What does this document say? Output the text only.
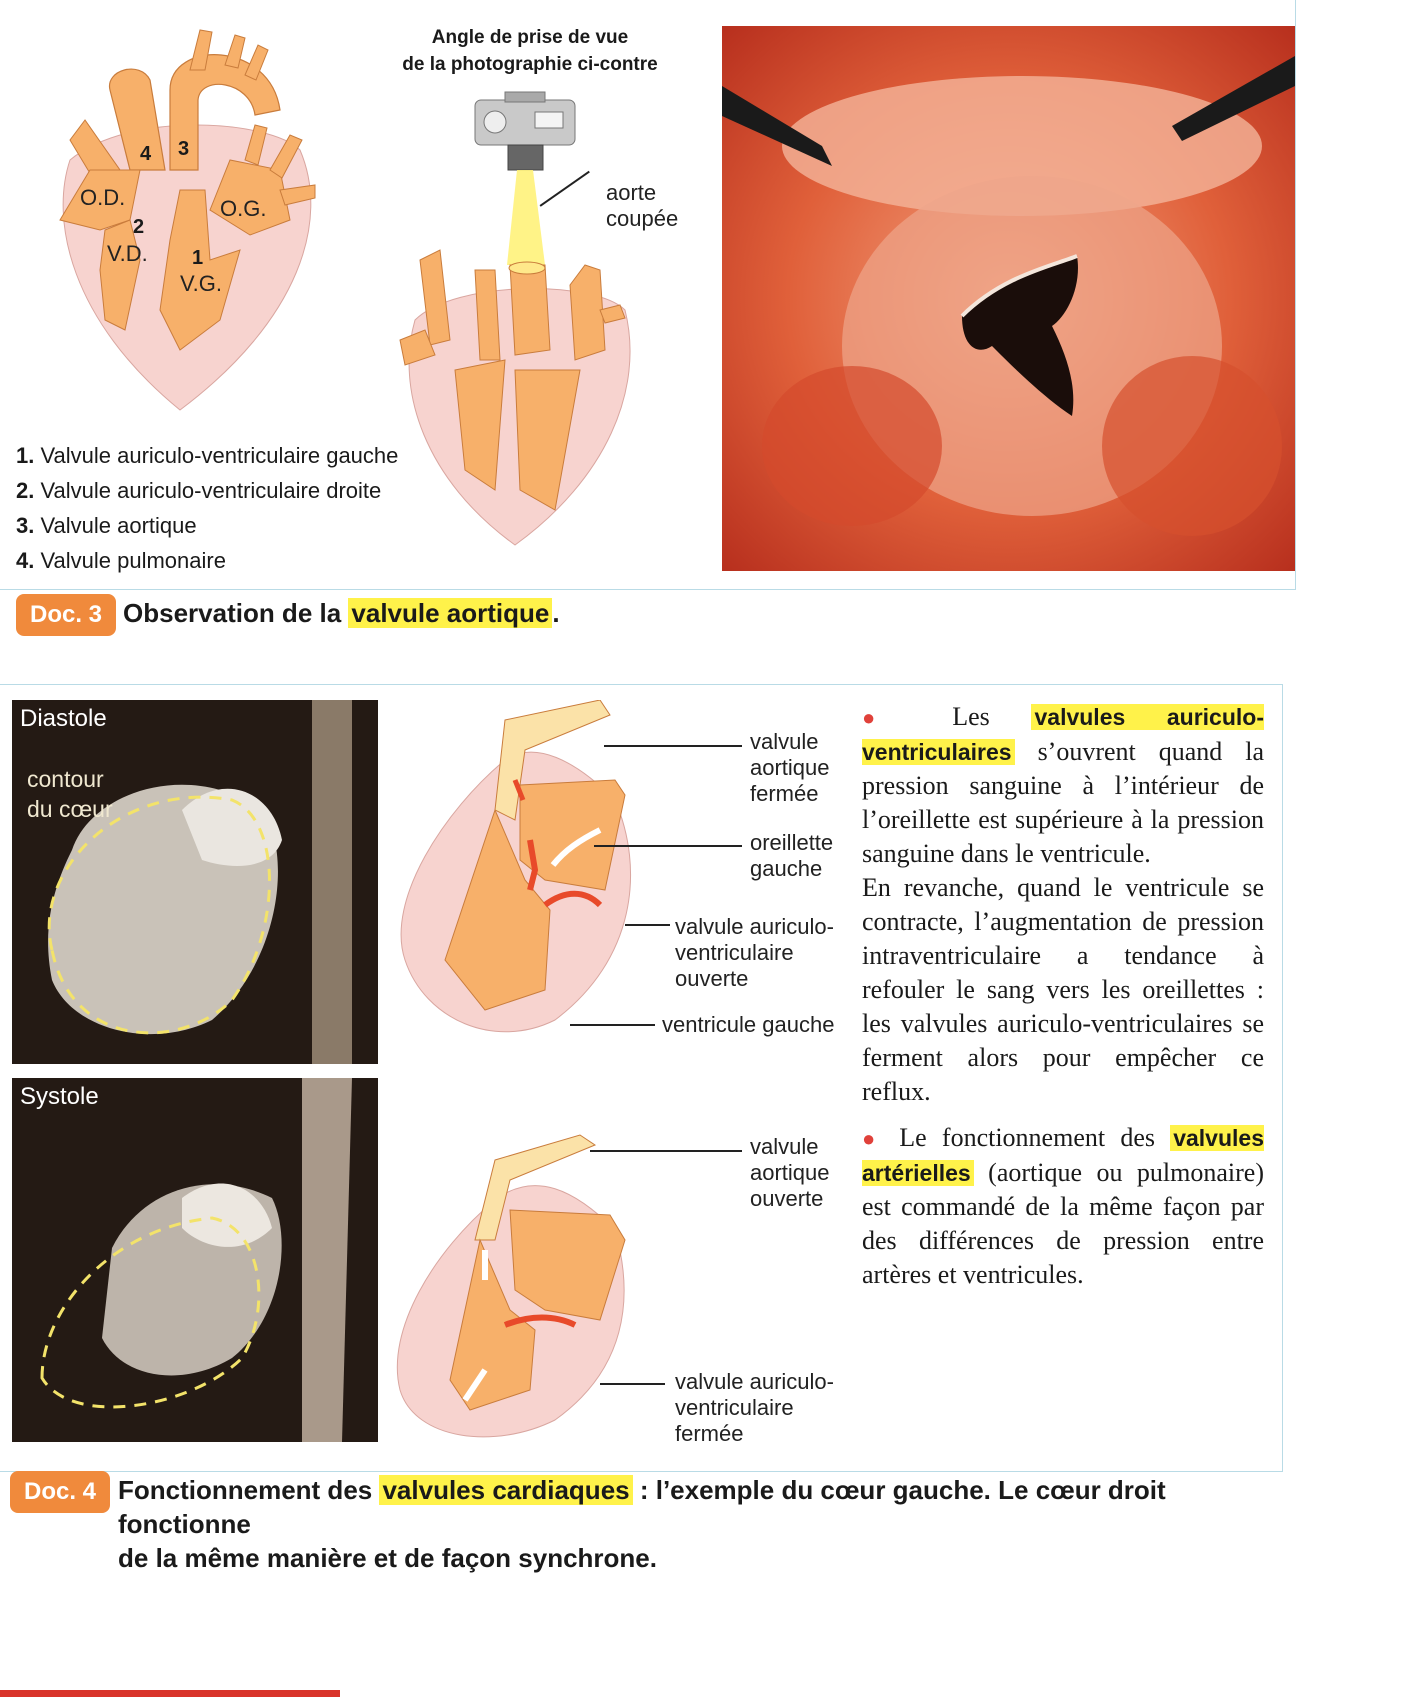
4 3
2
1
O.D.	O.G.
V.D.
V.G.
1. Valvule auriculo-ventriculaire gauche
2. Valvule auriculo-ventriculaire droite
3. Valvule aortique
4. Valvule pulmonaire
Angle de prise de vue
de la photographie ci-contre
aorte
coupée
Doc. 3 Observation de la valvule aortique .
Diastole
contour
du cœur
Systole
valvule
aortique
fermée
oreillette
gauche
valvule auriculo-
ventriculaire
ouverte
ventricule gauche
valvule
aortique
ouverte
valvule auriculo-
ventriculaire
fermée
● Les valvules auriculo-ventriculaires s’ouvrent quand la pression sanguine à l’intérieur de l’oreillette est supérieure à la pression sanguine dans le ventricule.
En revanche, quand le ventricule se contracte, l’augmentation de pression intraventriculaire a tendance à refouler le sang vers les oreillettes : les valvules auriculo-ventriculaires se ferment alors pour empêcher ce reflux.
● Le fonctionnement des valvules artérielles (aortique ou pulmonaire) est commandé de la même façon par des différences de pression entre artères et ventricules.
Doc. 4 Fonctionnement des valvules cardiaques : l’exemple du cœur gauche. Le cœur droit fonctionne
de la même manière et de façon synchrone.
